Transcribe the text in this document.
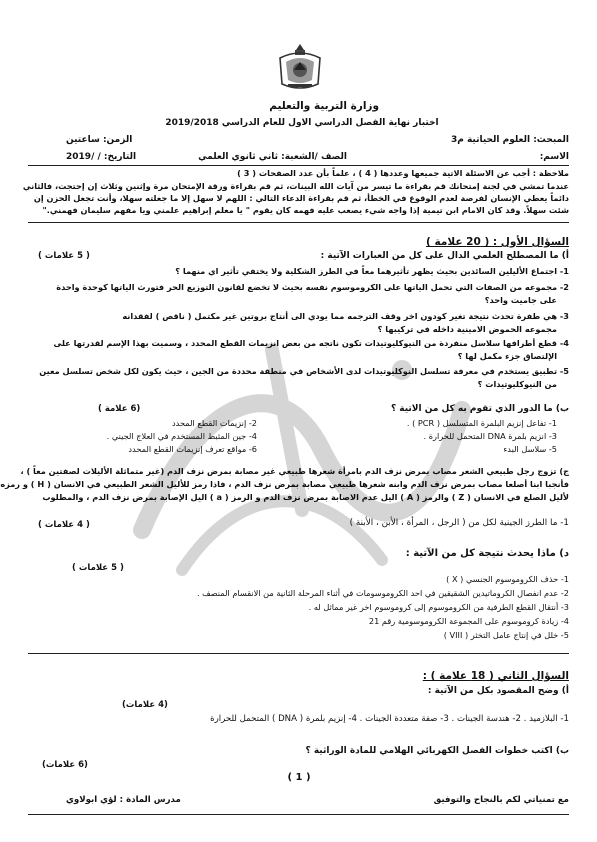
وزارة التربية والتعليم
اختبار نهاية الفصل الدراسي الاول للعام الدراسي 2019/2018
المبحث: العلوم الحياتية م3
الزمن: ساعتين
الاسم:
الصف /الشعبة: ثاني ثانوي العلمي
التاريخ: / /2019
ملاحظة : أجب عن الاسئلة الاتية جميعها وعددها ( 4 ) ، علماً بأن عدد الصفحات ( 3 )
عندما تمشي في لجنة إمتحانك قم بقراءة ما تيسر من آيات الله البينات، ثم قم بقراءة ورقة الإمتحان مرة وإثنين وثلاث إن إحتجت، فالثاني
دائماً يعطي الإنسان لفرصة لعدم الوقوع في الخطأ، ثم قم بقراءة الدعاء التالي : اللهم لا سهل إلا ما جعلته سهلا، وأنت تجعل الحزن إن
شئت سهلاً. وقد كان الامام ابن تيمية إذا واجه شيء يصعب عليه فهمه كان يقوم " يا معلم إبراهيم علمني ويا مفهم سليمان فهمني."
السؤال الأول : ( 20 علامة )
أ) ما المصطلح العلمي الدال على كل من العبارات الآتية :
( 5 علامات )
1- اجتماع الأليلين السائدين بحيث يظهر تأثيرهما معاً في الطرز الشكلية ولا يختفي تأثير اي منهما ؟
2- مجموعه من الصفات التي تحمل الياتها على الكروموسوم نفسه بحيث لا تخضع لقانون التوزيع الحر فتورث الياتها كوحدة واحدة
على جاميت واحد؟
3- هي طفرة تحدث نتيجة تغير كودون اخر وقف الترجمه مما يودي الى أنتاج بروتين غير مكتمل ( ناقص ) لفقدانه
مجموعه الحموض الامينية داخله في تركيبها ؟
4- قطع أطرافها سلاسل منفردة من النيوكليوتيدات تكون ناتجه من بعض انزيمات القطع المحدد ، وسميت بهذا الإسم لقدرتها على
الإلتصاق جزء مكمل لها ؟
5- تطبيق يستخدم في معرفة تسلسل النوكليوتيدات لدى الأشخاص في منطقة محددة من الجين ، حيث يكون لكل شخص تسلسل معين
من النيوكليوتيدات ؟
ب) ما الدور الذي تقوم به كل من الاتية ؟
(6 علامة )
1- تفاعل إنزيم البلمرة المتسلسل ( PCR ) .
2- إنزيمات القطع المحدد
3- انزيم بلمرة DNA المتحمل للحرارة .
4- جين المثبط المستخدم في العلاج الجيني .
5- سلاسل البدء
6- مواقع تعرف إنزيمات القطع المحدد
ج) تزوج رجل طبيعي الشعر مصاب بمرض نزف الدم بامرأة شعرها طبيعي غير مصابة بمرض نزف الدم (غير متماثلة الأليلات لصفتين معاً ) ،
فأنجبا ابنا أصلعا مصاب بمرض نزف الدم وابنه شعرها طبيعي مصابة بمرض نزف الدم ، فاذا رمز للأليل الشعر الطبيعي في الانسان ( H ) و رمزه
لأليل الصلع في الانسان ( Z ) والرمز ( A ) اليل عدم الاصابة بمرض نزف الدم و الرمز ( a ) اليل الإصابة بمرض نزف الدم ، والمطلوب
1- ما الطرز الجينية لكل من ( الرجل ، المرأة ، الأبن ، الأبنة )
( 4 علامات )
د) ماذا يحدث نتيجة كل من الآتية :
( 5 علامات )
1- حذف الكروموسوم الجنسي ( X )
2- عدم انفصال الكروماتيدين الشقيقين في احد الكروموسومات في أثناء المرحلة الثانية من الانقسام المنصف .
3- أنتقال القطع الطرفية من الكروموسوم إلى كروموسوم اخر غير مماثل له .
4- زيادة كروموسوم على المجموعة الكروموسومية رقم 21
5- خلل في إنتاج عامل التخثر ( VIII )
السؤال الثاني ( 18 علامة ) :
أ) وضح المقصود بكل من الآتية :
(4 علامات)
1- البلازميد . 2- هندسة الجينات . 3- صفة متعددة الجينات . 4- إنزيم بلمرة ( DNA ) المتحمل للحرارة
ب) اكتب خطوات الفصل الكهربائي الهلامي للمادة الوراثية ؟
(6 علامات)
( 1 )
مع تمنياتي لكم بالنجاح والتوفيق
مدرس المادة : لؤي ابولاوي
